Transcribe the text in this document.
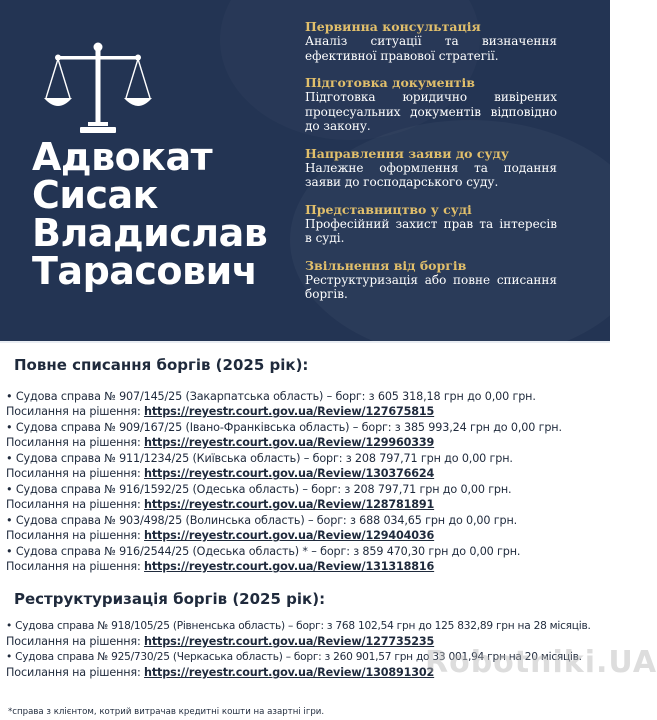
Адвокат
Сисак
Владислав
Тарасович
Первинна консультація
Аналіз ситуації та визначення ефективної правової стратегії.
Підготовка документів
Підготовка юридично вивірених процесуальних документів відповідно до закону.
Направлення заяви до суду
Належне оформлення та подання заяви до господарського суду.
Представництво у суді
Професійний захист прав та інтересів в суді.
Звільнення від боргів
Реструктуризація або повне списання боргів.
Повне списання боргів (2025 рік):
• Судова справа № 907/145/25 (Закарпатська область) – борг: з 605 318,18 грн до 0,00 грн.
Посилання на рішення: https://reyestr.court.gov.ua/Review/127675815
• Судова справа № 909/167/25 (Івано-Франківська область) – борг: з 385 993,24 грн до 0,00 грн.
Посилання на рішення: https://reyestr.court.gov.ua/Review/129960339
• Судова справа № 911/1234/25 (Київська область) – борг: з 208 797,71 грн до 0,00 грн.
Посилання на рішення: https://reyestr.court.gov.ua/Review/130376624
• Судова справа № 916/1592/25 (Одеська область) – борг: з 208 797,71 грн до 0,00 грн.
Посилання на рішення: https://reyestr.court.gov.ua/Review/128781891
• Судова справа № 903/498/25 (Волинська область) – борг: з 688 034,65 грн до 0,00 грн.
Посилання на рішення: https://reyestr.court.gov.ua/Review/129404036
• Судова справа № 916/2544/25 (Одеська область) * – борг: з 859 470,30 грн до 0,00 грн.
Посилання на рішення: https://reyestr.court.gov.ua/Review/131318816
Реструктуризація боргів (2025 рік):
• Судова справа № 918/105/25 (Рівненська область) – борг: з 768 102,54 грн до 125 832,89 грн на 28 місяців.
Посилання на рішення: https://reyestr.court.gov.ua/Review/127735235
• Судова справа № 925/730/25 (Черкаська область) – борг: з 260 901,57 грн до 33 001,94 грн на 20 місяців.
Посилання на рішення: https://reyestr.court.gov.ua/Review/130891302
Robotniki.UA
*справа з клієнтом, котрий витрачав кредитні кошти на азартні ігри.
